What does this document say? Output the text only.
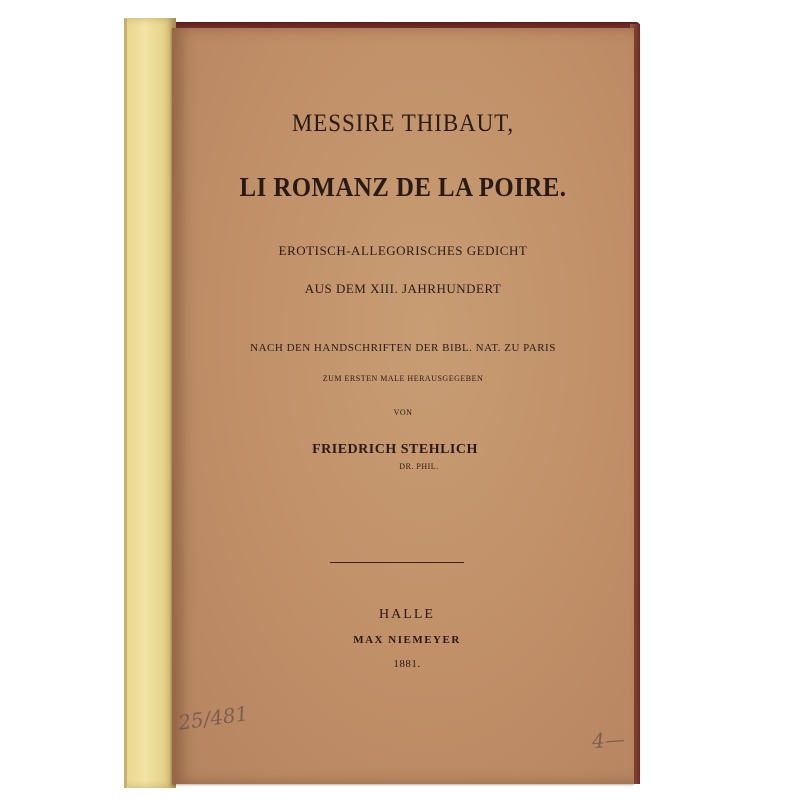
MESSIRE THIBAUT,
LI ROMANZ DE LA POIRE.
EROTISCH-ALLEGORISCHES GEDICHT
AUS DEM XIII. JAHRHUNDERT
NACH DEN HANDSCHRIFTEN DER BIBL. NAT. ZU PARIS
ZUM ERSTEN MALE HERAUSGEGEBEN
VON
FRIEDRICH STEHLICH
DR. PHIL.
HALLE
MAX NIEMEYER
1881.
25/481
4—
